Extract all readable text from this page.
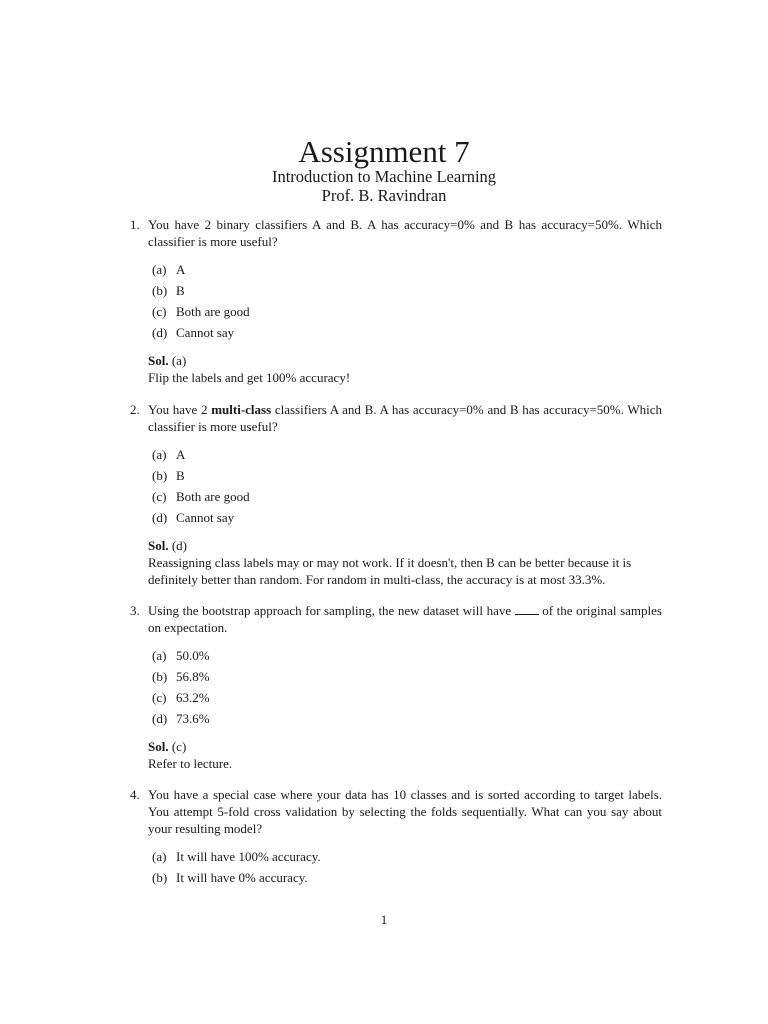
Assignment 7
Introduction to Machine Learning
Prof. B. Ravindran
1. You have 2 binary classifiers A and B. A has accuracy=0% and B has accuracy=50%. Which classifier is more useful?
(a) A
(b) B
(c) Both are good
(d) Cannot say
Sol. (a)
Flip the labels and get 100% accuracy!
2. You have 2 multi-class classifiers A and B. A has accuracy=0% and B has accuracy=50%. Which classifier is more useful?
(a) A
(b) B
(c) Both are good
(d) Cannot say
Sol. (d)
Reassigning class labels may or may not work. If it doesn't, then B can be better because it is definitely better than random. For random in multi-class, the accuracy is at most 33.3%.
3. Using the bootstrap approach for sampling, the new dataset will have  of the original samples on expectation.
(a) 50.0%
(b) 56.8%
(c) 63.2%
(d) 73.6%
Sol. (c)
Refer to lecture.
4. You have a special case where your data has 10 classes and is sorted according to target labels. You attempt 5-fold cross validation by selecting the folds sequentially. What can you say about your resulting model?
(a) It will have 100% accuracy.
(b) It will have 0% accuracy.
1
